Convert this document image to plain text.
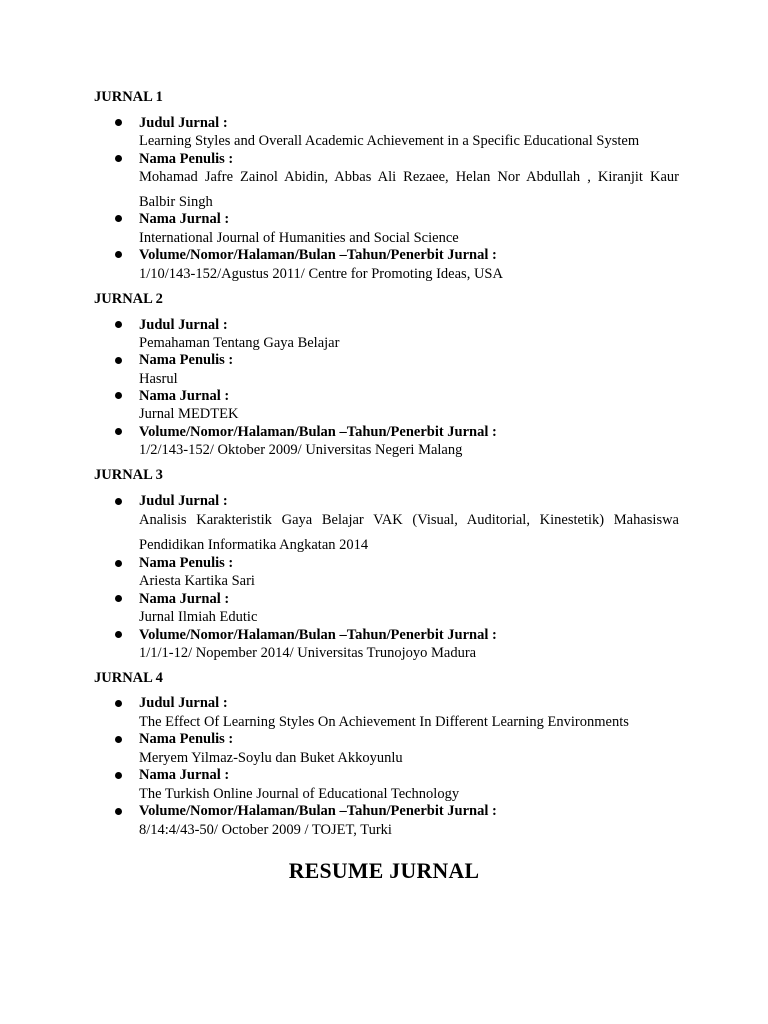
JURNAL 1
Judul Jurnal :
Learning Styles and Overall Academic Achievement in a Specific Educational System
Nama Penulis :
Mohamad Jafre Zainol Abidin, Abbas Ali Rezaee, Helan Nor Abdullah , Kiranjit Kaur
Balbir Singh
Nama Jurnal :
International Journal of Humanities and Social Science
Volume/Nomor/Halaman/Bulan –Tahun/Penerbit Jurnal :
1/10/143-152/Agustus 2011/ Centre for Promoting Ideas, USA
JURNAL 2
Judul Jurnal :
Pemahaman Tentang Gaya Belajar
Nama Penulis :
Hasrul
Nama Jurnal :
Jurnal MEDTEK
Volume/Nomor/Halaman/Bulan –Tahun/Penerbit Jurnal :
1/2/143-152/ Oktober 2009/ Universitas Negeri Malang
JURNAL 3
Judul Jurnal :
Analisis Karakteristik Gaya Belajar VAK (Visual, Auditorial, Kinestetik) Mahasiswa
Pendidikan Informatika Angkatan 2014
Nama Penulis :
Ariesta Kartika Sari
Nama Jurnal :
Jurnal Ilmiah Edutic
Volume/Nomor/Halaman/Bulan –Tahun/Penerbit Jurnal :
1/1/1-12/ Nopember 2014/ Universitas Trunojoyo Madura
JURNAL 4
Judul Jurnal :
The Effect Of Learning Styles On Achievement In Different Learning Environments
Nama Penulis :
Meryem Yilmaz-Soylu dan Buket Akkoyunlu
Nama Jurnal :
The Turkish Online Journal of Educational Technology
Volume/Nomor/Halaman/Bulan –Tahun/Penerbit Jurnal :
8/14:4/43-50/ October 2009 / TOJET, Turki
RESUME JURNAL
